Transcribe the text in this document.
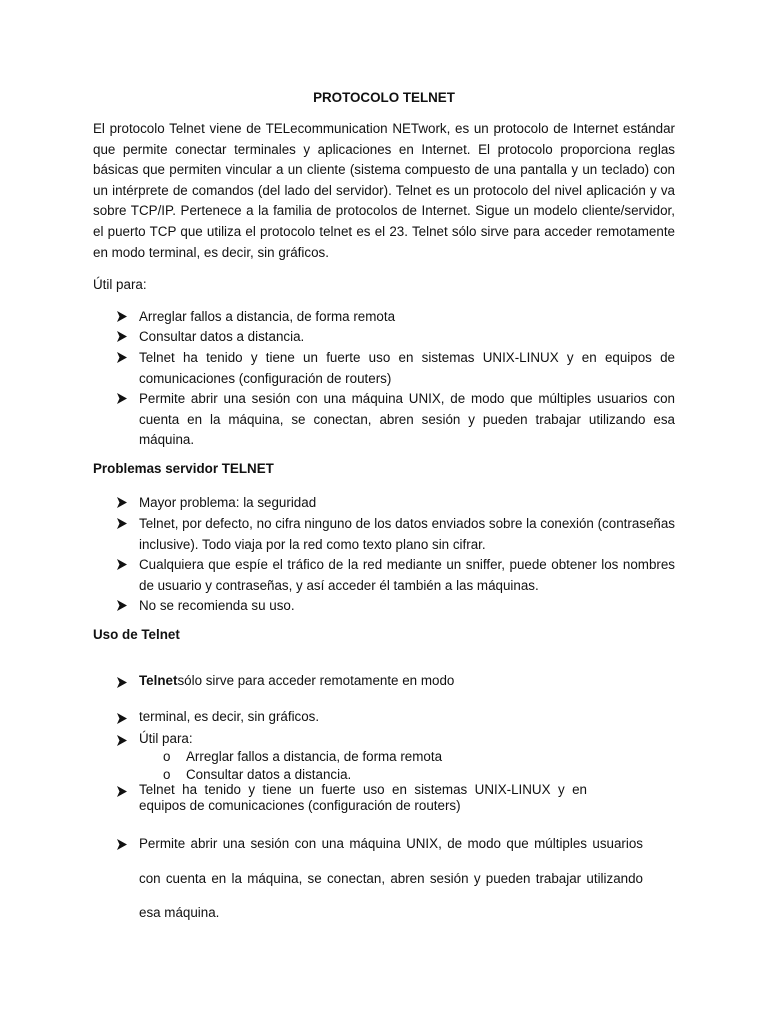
PROTOCOLO TELNET

El protocolo Telnet viene de TELecommunication NETwork, es un protocolo de Internet estándar que permite conectar terminales y aplicaciones en Internet. El protocolo proporciona reglas básicas que permiten vincular a un cliente (sistema compuesto de una pantalla y un teclado) con un intérprete de comandos (del lado del servidor). Telnet es un protocolo del nivel aplicación y va sobre TCP/IP. Pertenece a la familia de protocolos de Internet. Sigue un modelo cliente/servidor, el puerto TCP que utiliza el protocolo telnet es el 23. Telnet sólo sirve para acceder remotamente en modo terminal, es decir, sin gráficos.

Útil para:

Arreglar fallos a distancia, de forma remota
Consultar datos a distancia.
Telnet ha tenido y tiene un fuerte uso en sistemas UNIX-LINUX y en equipos de comunicaciones (configuración de routers)
Permite abrir una sesión con una máquina UNIX, de modo que múltiples usuarios con cuenta en la máquina, se conectan, abren sesión y pueden trabajar utilizando esa máquina.

Problemas servidor TELNET

Mayor problema: la seguridad
Telnet, por defecto, no cifra ninguno de los datos enviados sobre la conexión (contraseñas inclusive). Todo viaja por la red como texto plano sin cifrar.
Cualquiera que espíe el tráfico de la red mediante un sniffer, puede obtener los nombres de usuario y contraseñas, y así acceder él también a las máquinas.
No se recomienda su uso.

Uso de Telnet

Telnetsólo sirve para acceder remotamente en modo
terminal, es decir, sin gráficos.
Útil para:

o Arreglar fallos a distancia, de forma remota

o Consultar datos a distancia.

Telnet ha tenido y tiene un fuerte uso en sistemas UNIX-LINUX y en equipos de comunicaciones (configuración de routers)
Permite abrir una sesión con una máquina UNIX, de modo que múltiples usuarios con cuenta en la máquina, se conectan, abren sesión y pueden trabajar utilizando esa máquina.
